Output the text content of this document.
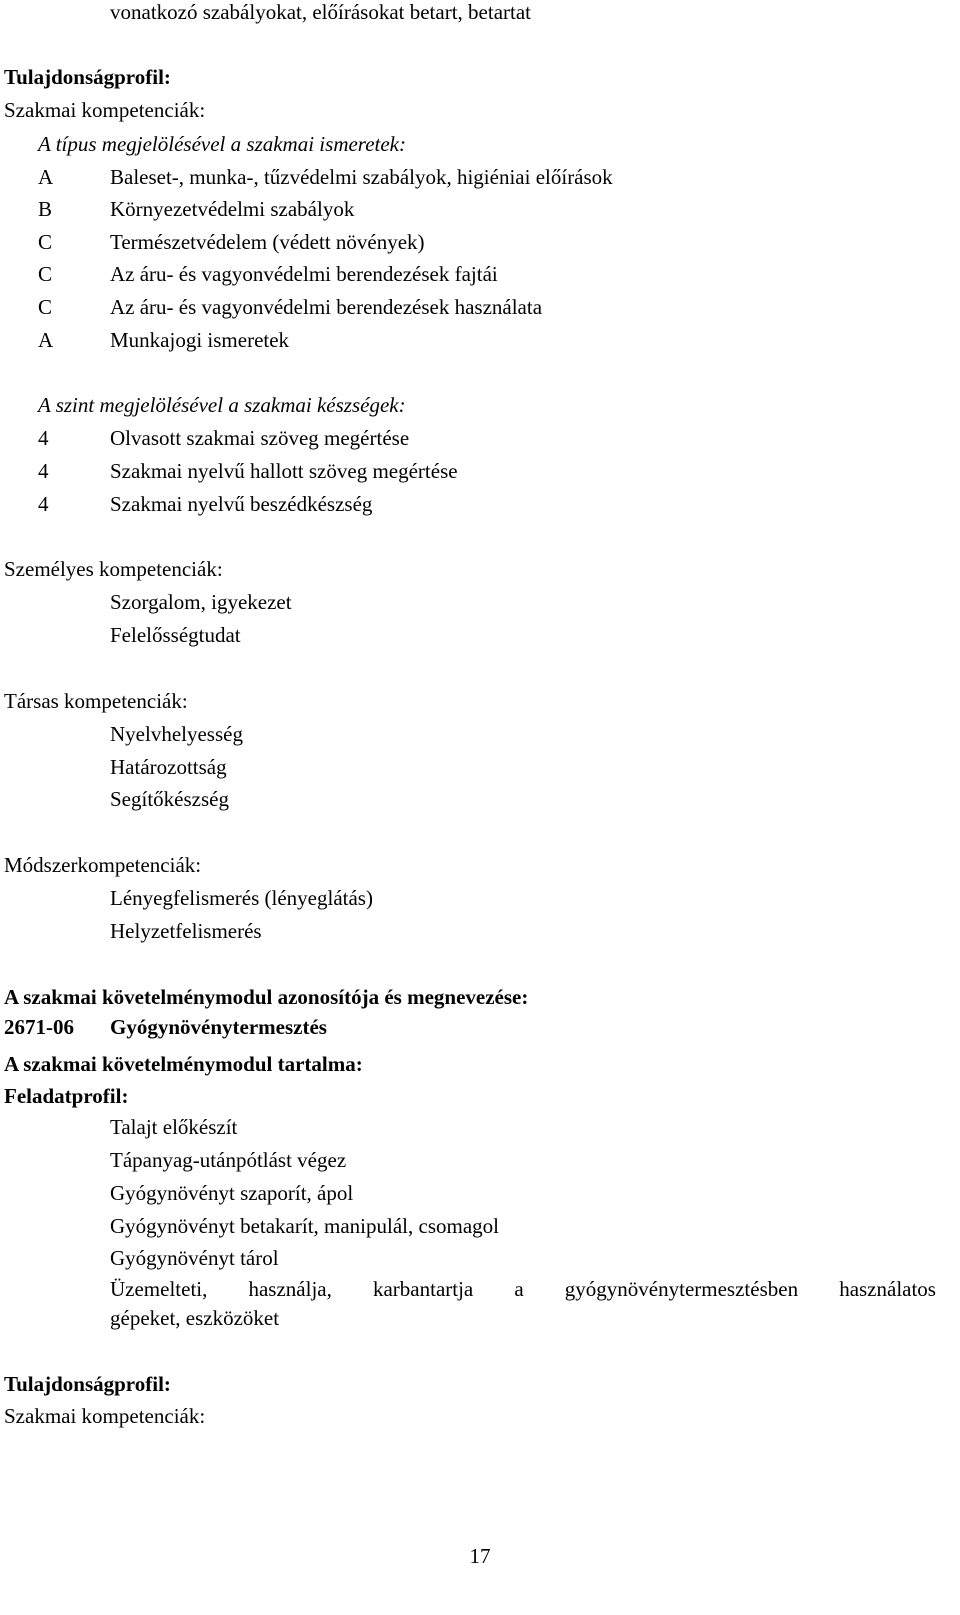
vonatkozó szabályokat, előírásokat betart, betartat
Tulajdonságprofil:
Szakmai kompetenciák:
A típus megjelölésével a szakmai ismeretek:
A	Baleset-, munka-, tűzvédelmi szabályok, higiéniai előírások
B	Környezetvédelmi szabályok
C	Természetvédelem (védett növények)
C	Az áru- és vagyonvédelmi berendezések fajtái
C	Az áru- és vagyonvédelmi berendezések használata
A	Munkajogi ismeretek
A szint megjelölésével a szakmai készségek:
4	Olvasott szakmai szöveg megértése
4	Szakmai nyelvű hallott szöveg megértése
4	Szakmai nyelvű beszédkészség
Személyes kompetenciák:
Szorgalom, igyekezet
Felelősségtudat
Társas kompetenciák:
Nyelvhelyesség
Határozottság
Segítőkészség
Módszerkompetenciák:
Lényegfelismerés (lényeglátás)
Helyzetfelismerés
A szakmai követelménymodul azonosítója és megnevezése:
2671-06 Gyógynövénytermesztés
A szakmai követelménymodul tartalma:
Feladatprofil:
Talajt előkészít
Tápanyag-utánpótlást végez
Gyógynövényt szaporít, ápol
Gyógynövényt betakarít, manipulál, csomagol
Gyógynövényt tárol
Üzemelteti, használja, karbantartja a gyógynövénytermesztésben használatos
gépeket, eszközöket
Tulajdonságprofil:
Szakmai kompetenciák:
17
